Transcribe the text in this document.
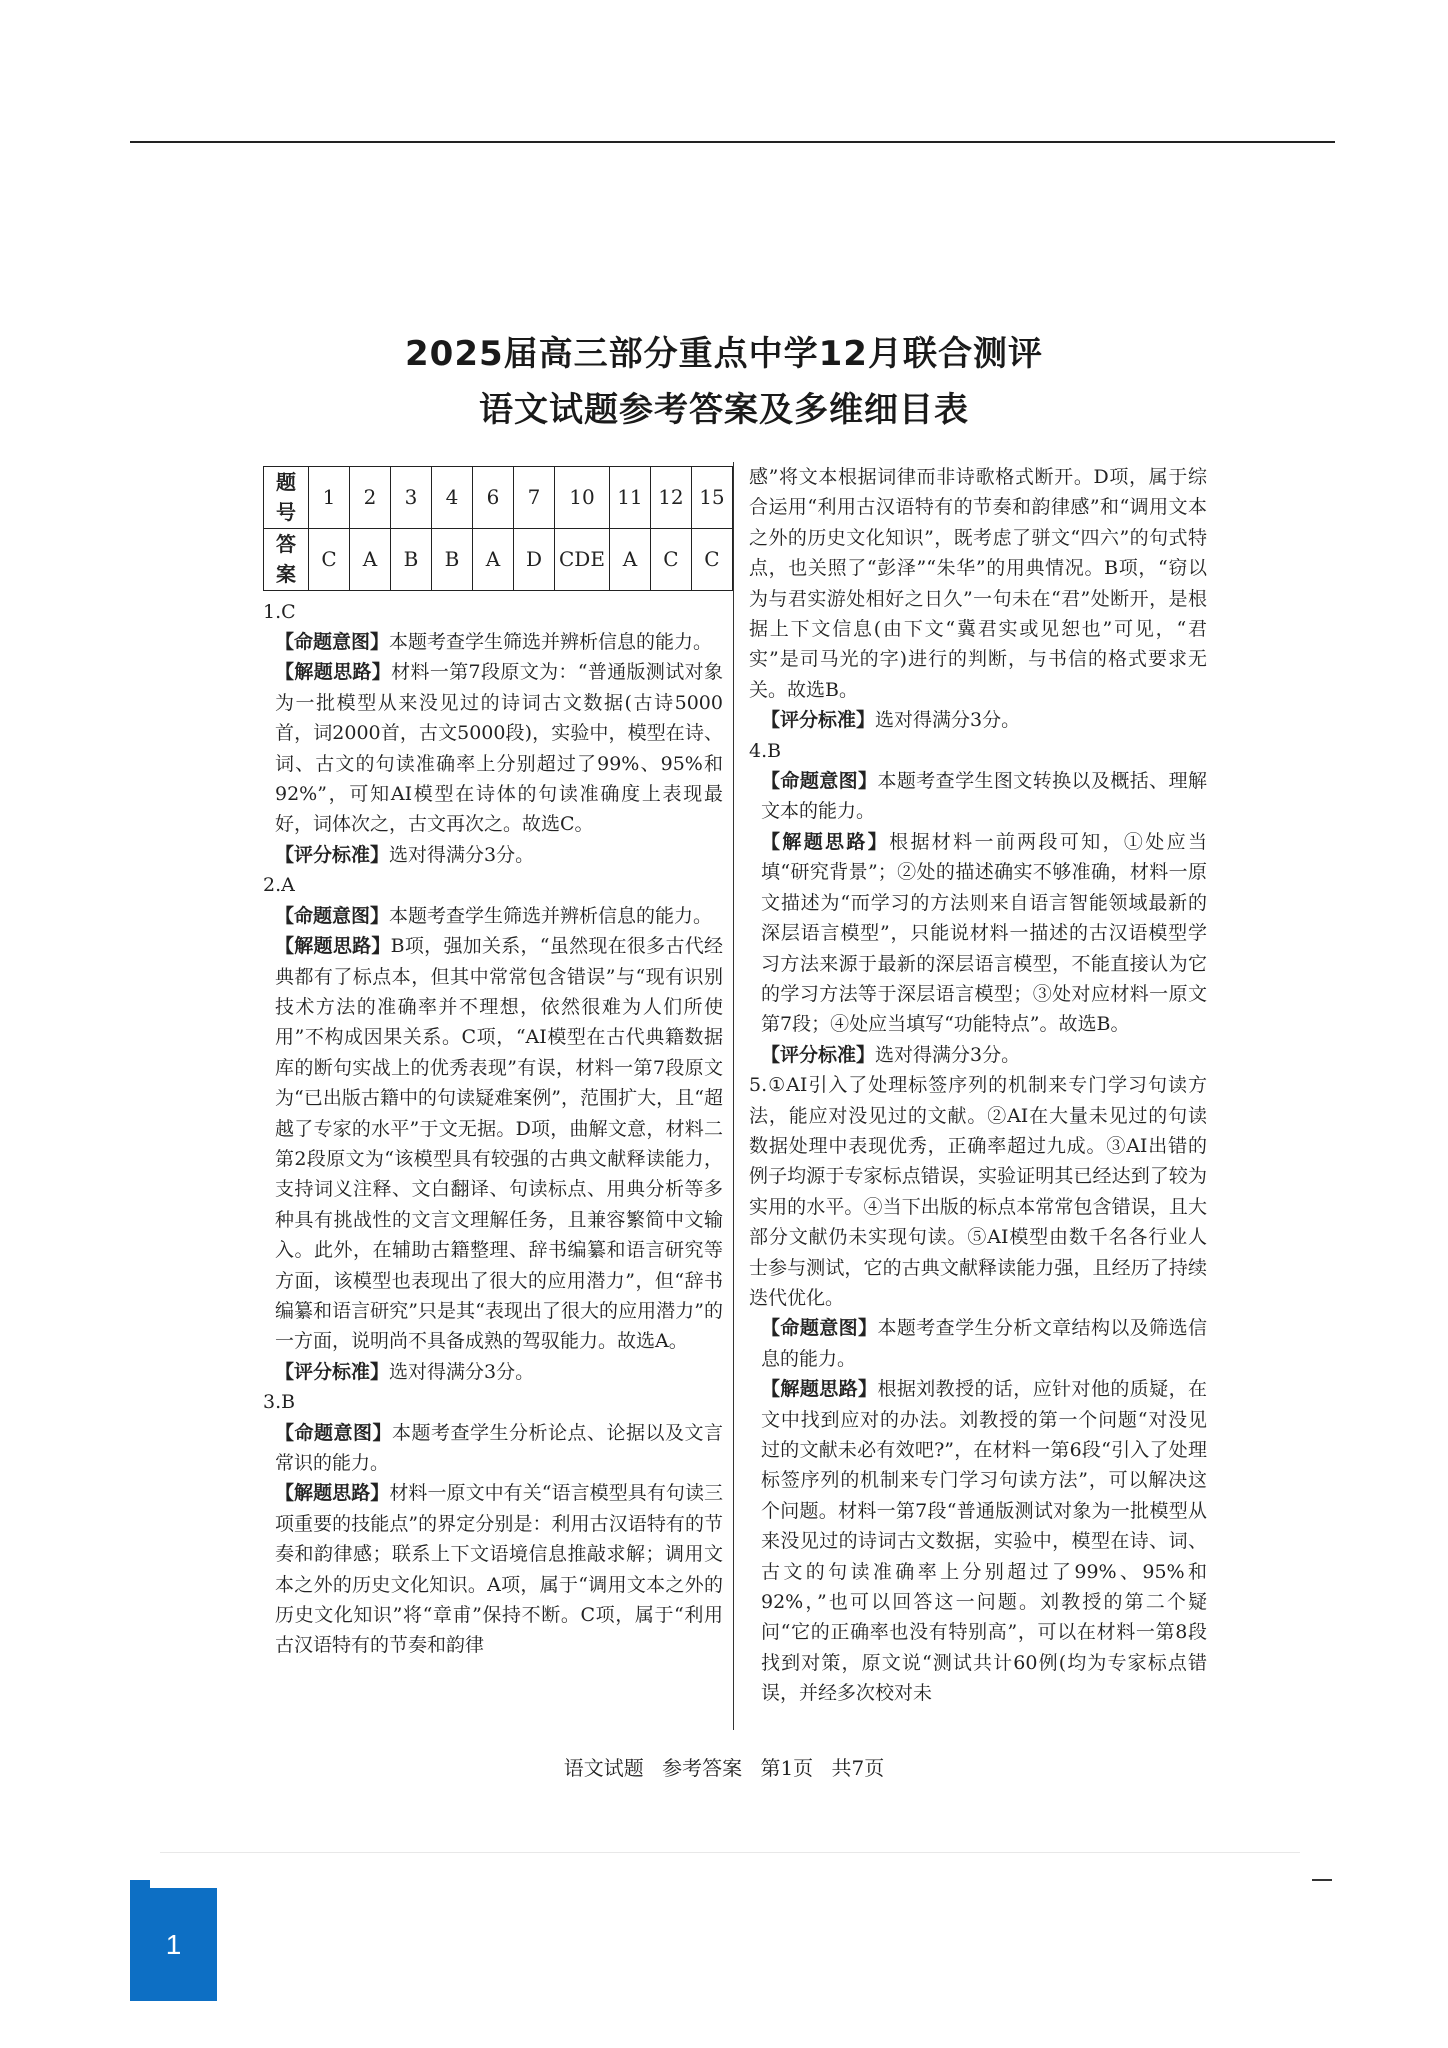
2025届高三部分重点中学12月联合测评
语文试题参考答案及多维细目表
题号	1	2	3	4	6	7	10	11	12	15
答案	C	A	B	B	A	D	CDE	A	C	C

1.C

【命题意图】本题考查学生筛选并辨析信息的能力。

【解题思路】材料一第7段原文为：“普通版测试对象为一批模型从来没见过的诗词古文数据(古诗5000首，词2000首，古文5000段)，实验中，模型在诗、词、古文的句读准确率上分别超过了99%、95%和92%”，可知AI模型在诗体的句读准确度上表现最好，词体次之，古文再次之。故选C。

【评分标准】选对得满分3分。

2.A

【命题意图】本题考查学生筛选并辨析信息的能力。

【解题思路】B项，强加关系，“虽然现在很多古代经典都有了标点本，但其中常常包含错误”与“现有识别技术方法的准确率并不理想，依然很难为人们所使用”不构成因果关系。C项，“AI模型在古代典籍数据库的断句实战上的优秀表现”有误，材料一第7段原文为“已出版古籍中的句读疑难案例”，范围扩大，且“超越了专家的水平”于文无据。D项，曲解文意，材料二第2段原文为“该模型具有较强的古典文献释读能力，支持词义注释、文白翻译、句读标点、用典分析等多种具有挑战性的文言文理解任务，且兼容繁简中文输入。此外，在辅助古籍整理、辞书编纂和语言研究等方面，该模型也表现出了很大的应用潜力”，但“辞书编纂和语言研究”只是其“表现出了很大的应用潜力”的一方面，说明尚不具备成熟的驾驭能力。故选A。

【评分标准】选对得满分3分。

3.B

【命题意图】本题考查学生分析论点、论据以及文言常识的能力。

【解题思路】材料一原文中有关“语言模型具有句读三项重要的技能点”的界定分别是：利用古汉语特有的节奏和韵律感；联系上下文语境信息推敲求解；调用文本之外的历史文化知识。A项，属于“调用文本之外的历史文化知识”将“章甫”保持不断。C项，属于“利用古汉语特有的节奏和韵律

感”将文本根据词律而非诗歌格式断开。D项，属于综合运用“利用古汉语特有的节奏和韵律感”和“调用文本之外的历史文化知识”，既考虑了骈文“四六”的句式特点，也关照了“彭泽”“朱华”的用典情况。B项，“窃以为与君实游处相好之日久”一句未在“君”处断开，是根据上下文信息(由下文“冀君实或见恕也”可见，“君实”是司马光的字)进行的判断，与书信的格式要求无关。故选B。

【评分标准】选对得满分3分。

4.B

【命题意图】本题考查学生图文转换以及概括、理解文本的能力。

【解题思路】根据材料一前两段可知，①处应当填“研究背景”；②处的描述确实不够准确，材料一原文描述为“而学习的方法则来自语言智能领域最新的深层语言模型”，只能说材料一描述的古汉语模型学习方法来源于最新的深层语言模型，不能直接认为它的学习方法等于深层语言模型；③处对应材料一原文第7段；④处应当填写“功能特点”。故选B。

【评分标准】选对得满分3分。

5.①AI引入了处理标签序列的机制来专门学习句读方法，能应对没见过的文献。②AI在大量未见过的句读数据处理中表现优秀，正确率超过九成。③AI出错的例子均源于专家标点错误，实验证明其已经达到了较为实用的水平。④当下出版的标点本常常包含错误，且大部分文献仍未实现句读。⑤AI模型由数千名各行业人士参与测试，它的古典文献释读能力强，且经历了持续迭代优化。

【命题意图】本题考查学生分析文章结构以及筛选信息的能力。

【解题思路】根据刘教授的话，应针对他的质疑，在文中找到应对的办法。刘教授的第一个问题“对没见过的文献未必有效吧?”，在材料一第6段“引入了处理标签序列的机制来专门学习句读方法”，可以解决这个问题。材料一第7段“普通版测试对象为一批模型从来没见过的诗词古文数据，实验中，模型在诗、词、古文的句读准确率上分别超过了99%、95%和92%，”也可以回答这一问题。刘教授的第二个疑问“它的正确率也没有特别高”，可以在材料一第8段找到对策，原文说“测试共计60例(均为专家标点错误，并经多次校对未

语文试题 参考答案 第1页 共7页
1
